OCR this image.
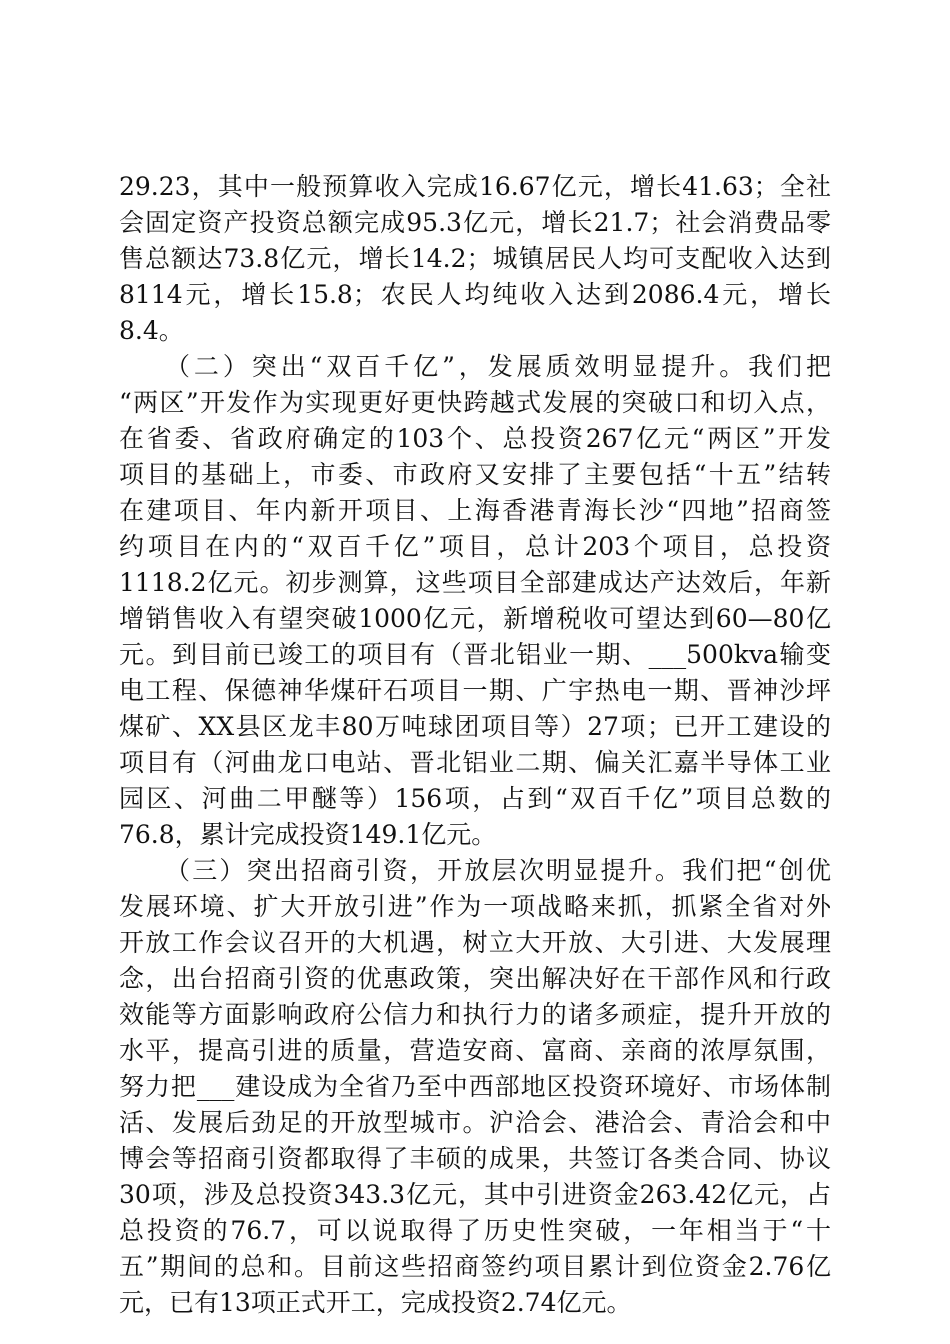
29.23，其中一般预算收入完成16.67亿元，增长41.63；全社
会固定资产投资总额完成95.3亿元，增长21.7；社会消费品零
售总额达73.8亿元，增长14.2；城镇居民人均可支配收入达到
8114元，增长15.8；农民人均纯收入达到2086.4元，增长
8.4。
（二）突出“双百千亿”，发展质效明显提升。我们把
“两区”开发作为实现更好更快跨越式发展的突破口和切入点，
在省委、省政府确定的103个、总投资267亿元“两区”开发
项目的基础上，市委、市政府又安排了主要包括“十五”结转
在建项目、年内新开项目、上海香港青海长沙“四地”招商签
约项目在内的“双百千亿”项目，总计203个项目，总投资
1118.2亿元。初步测算，这些项目全部建成达产达效后，年新
增销售收入有望突破1000亿元，新增税收可望达到60—80亿
元。到目前已竣工的项目有（晋北铝业一期、___500kva输变
电工程、保德神华煤矸石项目一期、广宇热电一期、晋神沙坪
煤矿、XX县区龙丰80万吨球团项目等）27项；已开工建设的
项目有（河曲龙口电站、晋北铝业二期、偏关汇嘉半导体工业
园区、河曲二甲醚等）156项，占到“双百千亿”项目总数的
76.8，累计完成投资149.1亿元。
（三）突出招商引资，开放层次明显提升。我们把“创优
发展环境、扩大开放引进”作为一项战略来抓，抓紧全省对外
开放工作会议召开的大机遇，树立大开放、大引进、大发展理
念，出台招商引资的优惠政策，突出解决好在干部作风和行政
效能等方面影响政府公信力和执行力的诸多顽症，提升开放的
水平，提高引进的质量，营造安商、富商、亲商的浓厚氛围，
努力把___建设成为全省乃至中西部地区投资环境好、市场体制
活、发展后劲足的开放型城市。沪洽会、港洽会、青洽会和中
博会等招商引资都取得了丰硕的成果，共签订各类合同、协议
30项，涉及总投资343.3亿元，其中引进资金263.42亿元，占
总投资的76.7，可以说取得了历史性突破，一年相当于“十
五”期间的总和。目前这些招商签约项目累计到位资金2.76亿
元，已有13项正式开工，完成投资2.74亿元。
